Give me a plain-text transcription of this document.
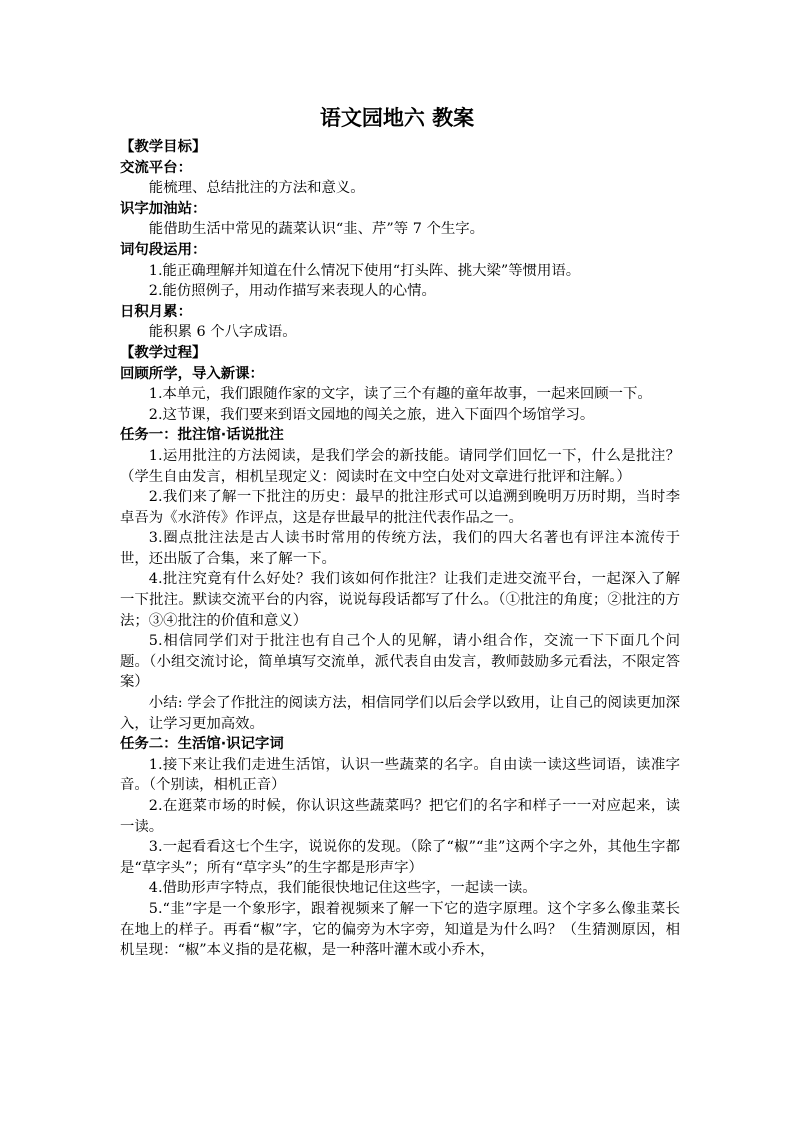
语文园地六 教案
【教学目标】
交流平台：

能梳理、总结批注的方法和意义。

识字加油站：

能借助生活中常见的蔬菜认识“韭、芹”等 7 个生字。

词句段运用：

1.能正确理解并知道在什么情况下使用“打头阵、挑大梁”等惯用语。

2.能仿照例子，用动作描写来表现人的心情。

日积月累：

能积累 6 个八字成语。

【教学过程】
回顾所学，导入新课：

1.本单元，我们跟随作家的文字，读了三个有趣的童年故事，一起来回顾一下。

2.这节课，我们要来到语文园地的闯关之旅，进入下面四个场馆学习。

任务一：批注馆·话说批注

1.运用批注的方法阅读，是我们学会的新技能。请同学们回忆一下，什么是批注？（学生自由发言，相机呈现定义：阅读时在文中空白处对文章进行批评和注解。）

2.我们来了解一下批注的历史：最早的批注形式可以追溯到晚明万历时期，当时李卓吾为《水浒传》作评点，这是存世最早的批注代表作品之一。

3.圈点批注法是古人读书时常用的传统方法，我们的四大名著也有评注本流传于世，还出版了合集，来了解一下。

4.批注究竟有什么好处？我们该如何作批注？让我们走进交流平台，一起深入了解一下批注。默读交流平台的内容，说说每段话都写了什么。（①批注的角度；②批注的方法；③④批注的价值和意义）

5.相信同学们对于批注也有自己个人的见解，请小组合作，交流一下下面几个问题。（小组交流讨论，简单填写交流单，派代表自由发言，教师鼓励多元看法，不限定答案）

小结: 学会了作批注的阅读方法，相信同学们以后会学以致用，让自己的阅读更加深入，让学习更加高效。

任务二：生活馆·识记字词

1.接下来让我们走进生活馆，认识一些蔬菜的名字。自由读一读这些词语，读准字音。（个别读，相机正音）

2.在逛菜市场的时候，你认识这些蔬菜吗？把它们的名字和样子一一对应起来，读一读。

3.一起看看这七个生字，说说你的发现。（除了“椒”“韭”这两个字之外，其他生字都是“草字头”；所有“草字头”的生字都是形声字）

4.借助形声字特点，我们能很快地记住这些字，一起读一读。

5.“韭”字是一个象形字，跟着视频来了解一下它的造字原理。这个字多么像韭菜长在地上的样子。再看“椒”字，它的偏旁为木字旁，知道是为什么吗？（生猜测原因，相机呈现：“椒”本义指的是花椒，是一种落叶灌木或小乔木，
